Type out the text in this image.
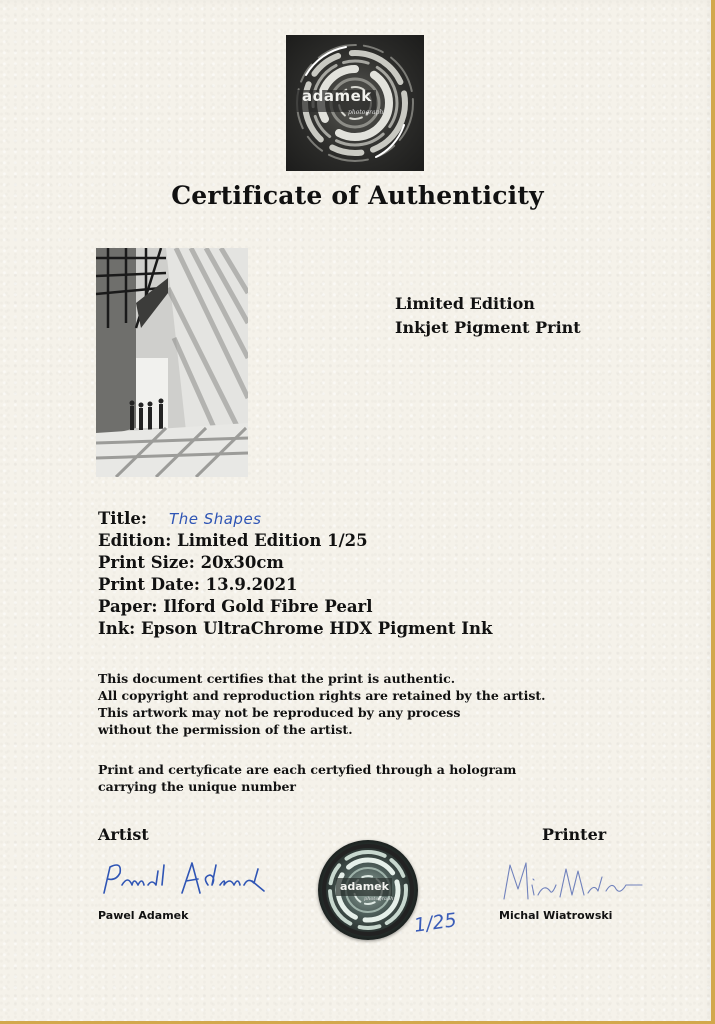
adamek
photography
Certificate of Authenticity
Limited Edition
Inkjet Pigment Print
Title: The Shapes
Edition: Limited Edition 1/25
Print Size: 20x30cm
Print Date: 13.9.2021
Paper: Ilford Gold Fibre Pearl
Ink: Epson UltraChrome HDX Pigment Ink
This document certifies that the print is authentic.
All copyright and reproduction rights are retained by the artist.
This artwork may not be reproduced by any process
without the permission of the artist.
Print and certyficate are each certyfied through a hologram
carrying the unique number
Artist	Printer
Pawel Adamek	Michal Wiatrowski
adamek
photography
1/25
